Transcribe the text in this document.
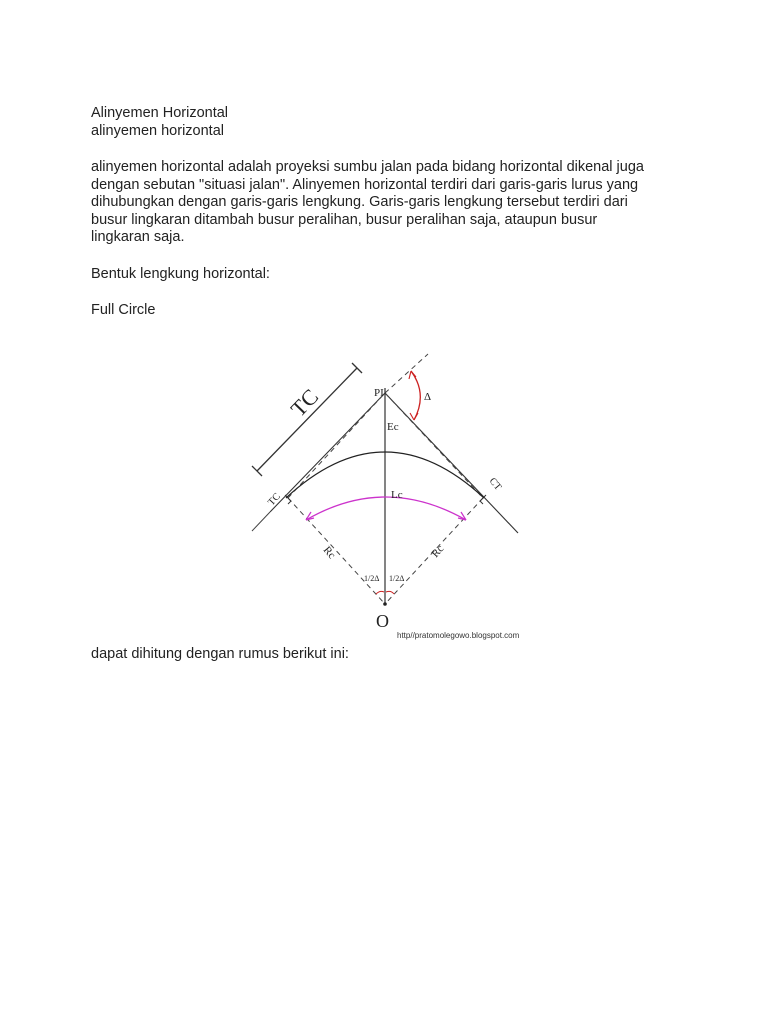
Alinyemen Horizontal
alinyemen horizontal
alinyemen horizontal adalah proyeksi sumbu jalan pada bidang horizontal dikenal juga
dengan sebutan "situasi jalan". Alinyemen horizontal terdiri dari garis-garis lurus yang
dihubungkan dengan garis-garis lengkung. Garis-garis lengkung tersebut terdiri dari
busur lingkaran ditambah busur peralihan, busur peralihan saja, ataupun busur
lingkaran saja.
Bentuk lengkung horizontal:
Full Circle
TC	PI	Δ
Ec
Lc
TC
CT
Rc	Rc
1/2Δ 1/2Δ
O
http//pratomolegowo.blogspot.com
dapat dihitung dengan rumus berikut ini:
